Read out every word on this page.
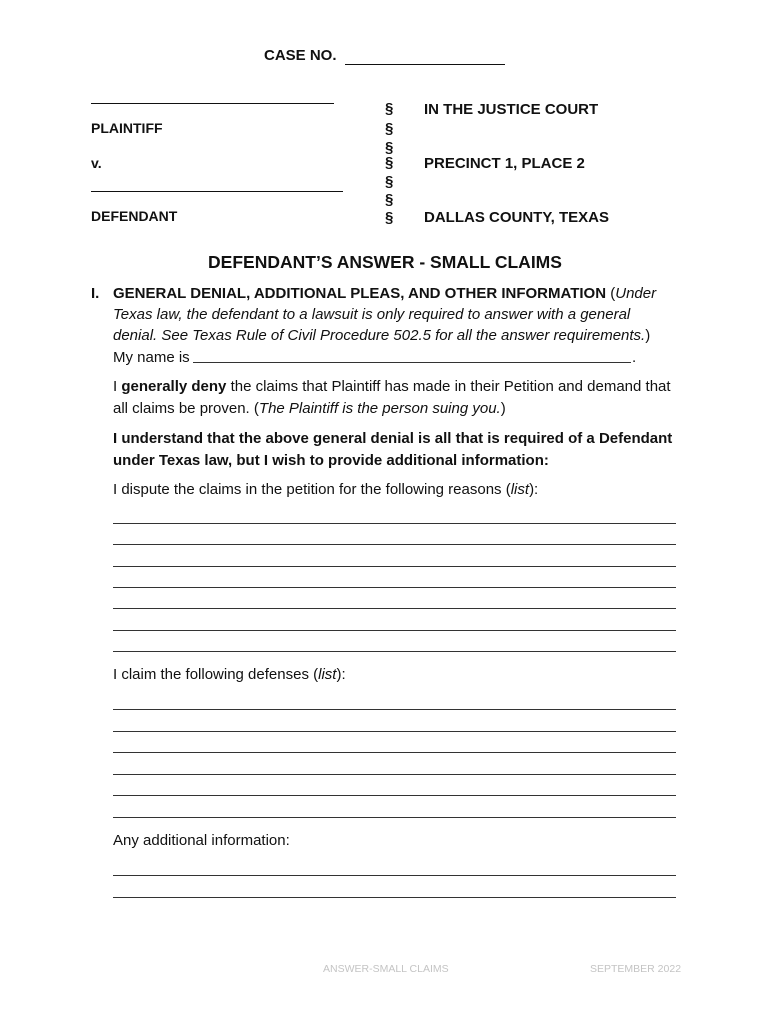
CASE NO.
PLAINTIFF
v.
DEFENDANT
§
§
§
§
§
§
§
IN THE JUSTICE COURT
PRECINCT 1, PLACE 2
DALLAS COUNTY, TEXAS
DEFENDANT’S ANSWER - SMALL CLAIMS
I. GENERAL DENIAL, ADDITIONAL PLEAS, AND OTHER INFORMATION (Under
Texas law, the defendant to a lawsuit is only required to answer with a general
denial. See Texas Rule of Civil Procedure 502.5 for all the answer requirements.)
My name is	.
I generally deny the claims that Plaintiff has made in their Petition and demand that
all claims be proven. (The Plaintiff is the person suing you.)
I understand that the above general denial is all that is required of a Defendant
under Texas law, but I wish to provide additional information:
I dispute the claims in the petition for the following reasons (list):
I claim the following defenses (list):
Any additional information:
ANSWER-SMALL CLAIMS	SEPTEMBER 2022
